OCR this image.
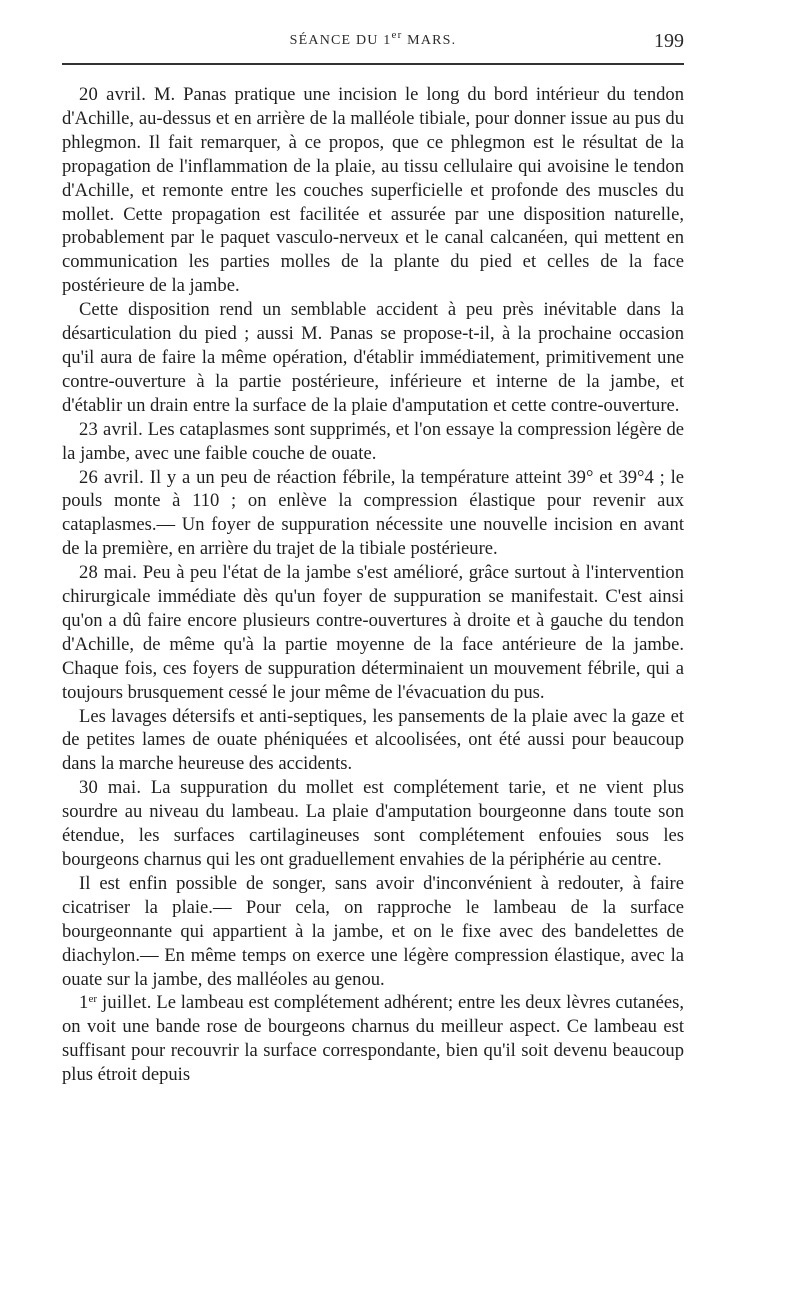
SÉANCE DU 1er MARS.	199

20 avril. M. Panas pratique une incision le long du bord intérieur du tendon d'Achille, au-dessus et en arrière de la malléole tibiale, pour donner issue au pus du phlegmon. Il fait remarquer, à ce propos, que ce phlegmon est le résultat de la propagation de l'inflammation de la plaie, au tissu cellulaire qui avoisine le tendon d'Achille, et remonte entre les couches superficielle et profonde des muscles du mollet. Cette propagation est facilitée et assurée par une disposition naturelle, probablement par le paquet vasculo-nerveux et le canal calcanéen, qui mettent en communication les parties molles de la plante du pied et celles de la face postérieure de la jambe.

Cette disposition rend un semblable accident à peu près inévitable dans la désarticulation du pied ; aussi M. Panas se propose-t-il, à la prochaine occasion qu'il aura de faire la même opération, d'établir immédiatement, primitivement une contre-ouverture à la partie postérieure, inférieure et interne de la jambe, et d'établir un drain entre la surface de la plaie d'amputation et cette contre-ouverture.

23 avril. Les cataplasmes sont supprimés, et l'on essaye la compression légère de la jambe, avec une faible couche de ouate.

26 avril. Il y a un peu de réaction fébrile, la température atteint 39° et 39°4 ; le pouls monte à 110 ; on enlève la compression élastique pour revenir aux cataplasmes.— Un foyer de suppuration nécessite une nouvelle incision en avant de la première, en arrière du trajet de la tibiale postérieure.

28 mai. Peu à peu l'état de la jambe s'est amélioré, grâce surtout à l'intervention chirurgicale immédiate dès qu'un foyer de suppuration se manifestait. C'est ainsi qu'on a dû faire encore plusieurs contre-ouvertures à droite et à gauche du tendon d'Achille, de même qu'à la partie moyenne de la face antérieure de la jambe. Chaque fois, ces foyers de suppuration déterminaient un mouvement fébrile, qui a toujours brusquement cessé le jour même de l'évacuation du pus.

Les lavages détersifs et anti-septiques, les pansements de la plaie avec la gaze et de petites lames de ouate phéniquées et alcoolisées, ont été aussi pour beaucoup dans la marche heureuse des accidents.

30 mai. La suppuration du mollet est complétement tarie, et ne vient plus sourdre au niveau du lambeau. La plaie d'amputation bourgeonne dans toute son étendue, les surfaces cartilagineuses sont complétement enfouies sous les bourgeons charnus qui les ont graduellement envahies de la périphérie au centre.

Il est enfin possible de songer, sans avoir d'inconvénient à redouter, à faire cicatriser la plaie.— Pour cela, on rapproche le lambeau de la surface bourgeonnante qui appartient à la jambe, et on le fixe avec des bandelettes de diachylon.— En même temps on exerce une légère compression élastique, avec la ouate sur la jambe, des malléoles au genou.

1er juillet. Le lambeau est complétement adhérent; entre les deux lèvres cutanées, on voit une bande rose de bourgeons charnus du meilleur aspect. Ce lambeau est suffisant pour recouvrir la surface correspondante, bien qu'il soit devenu beaucoup plus étroit depuis
